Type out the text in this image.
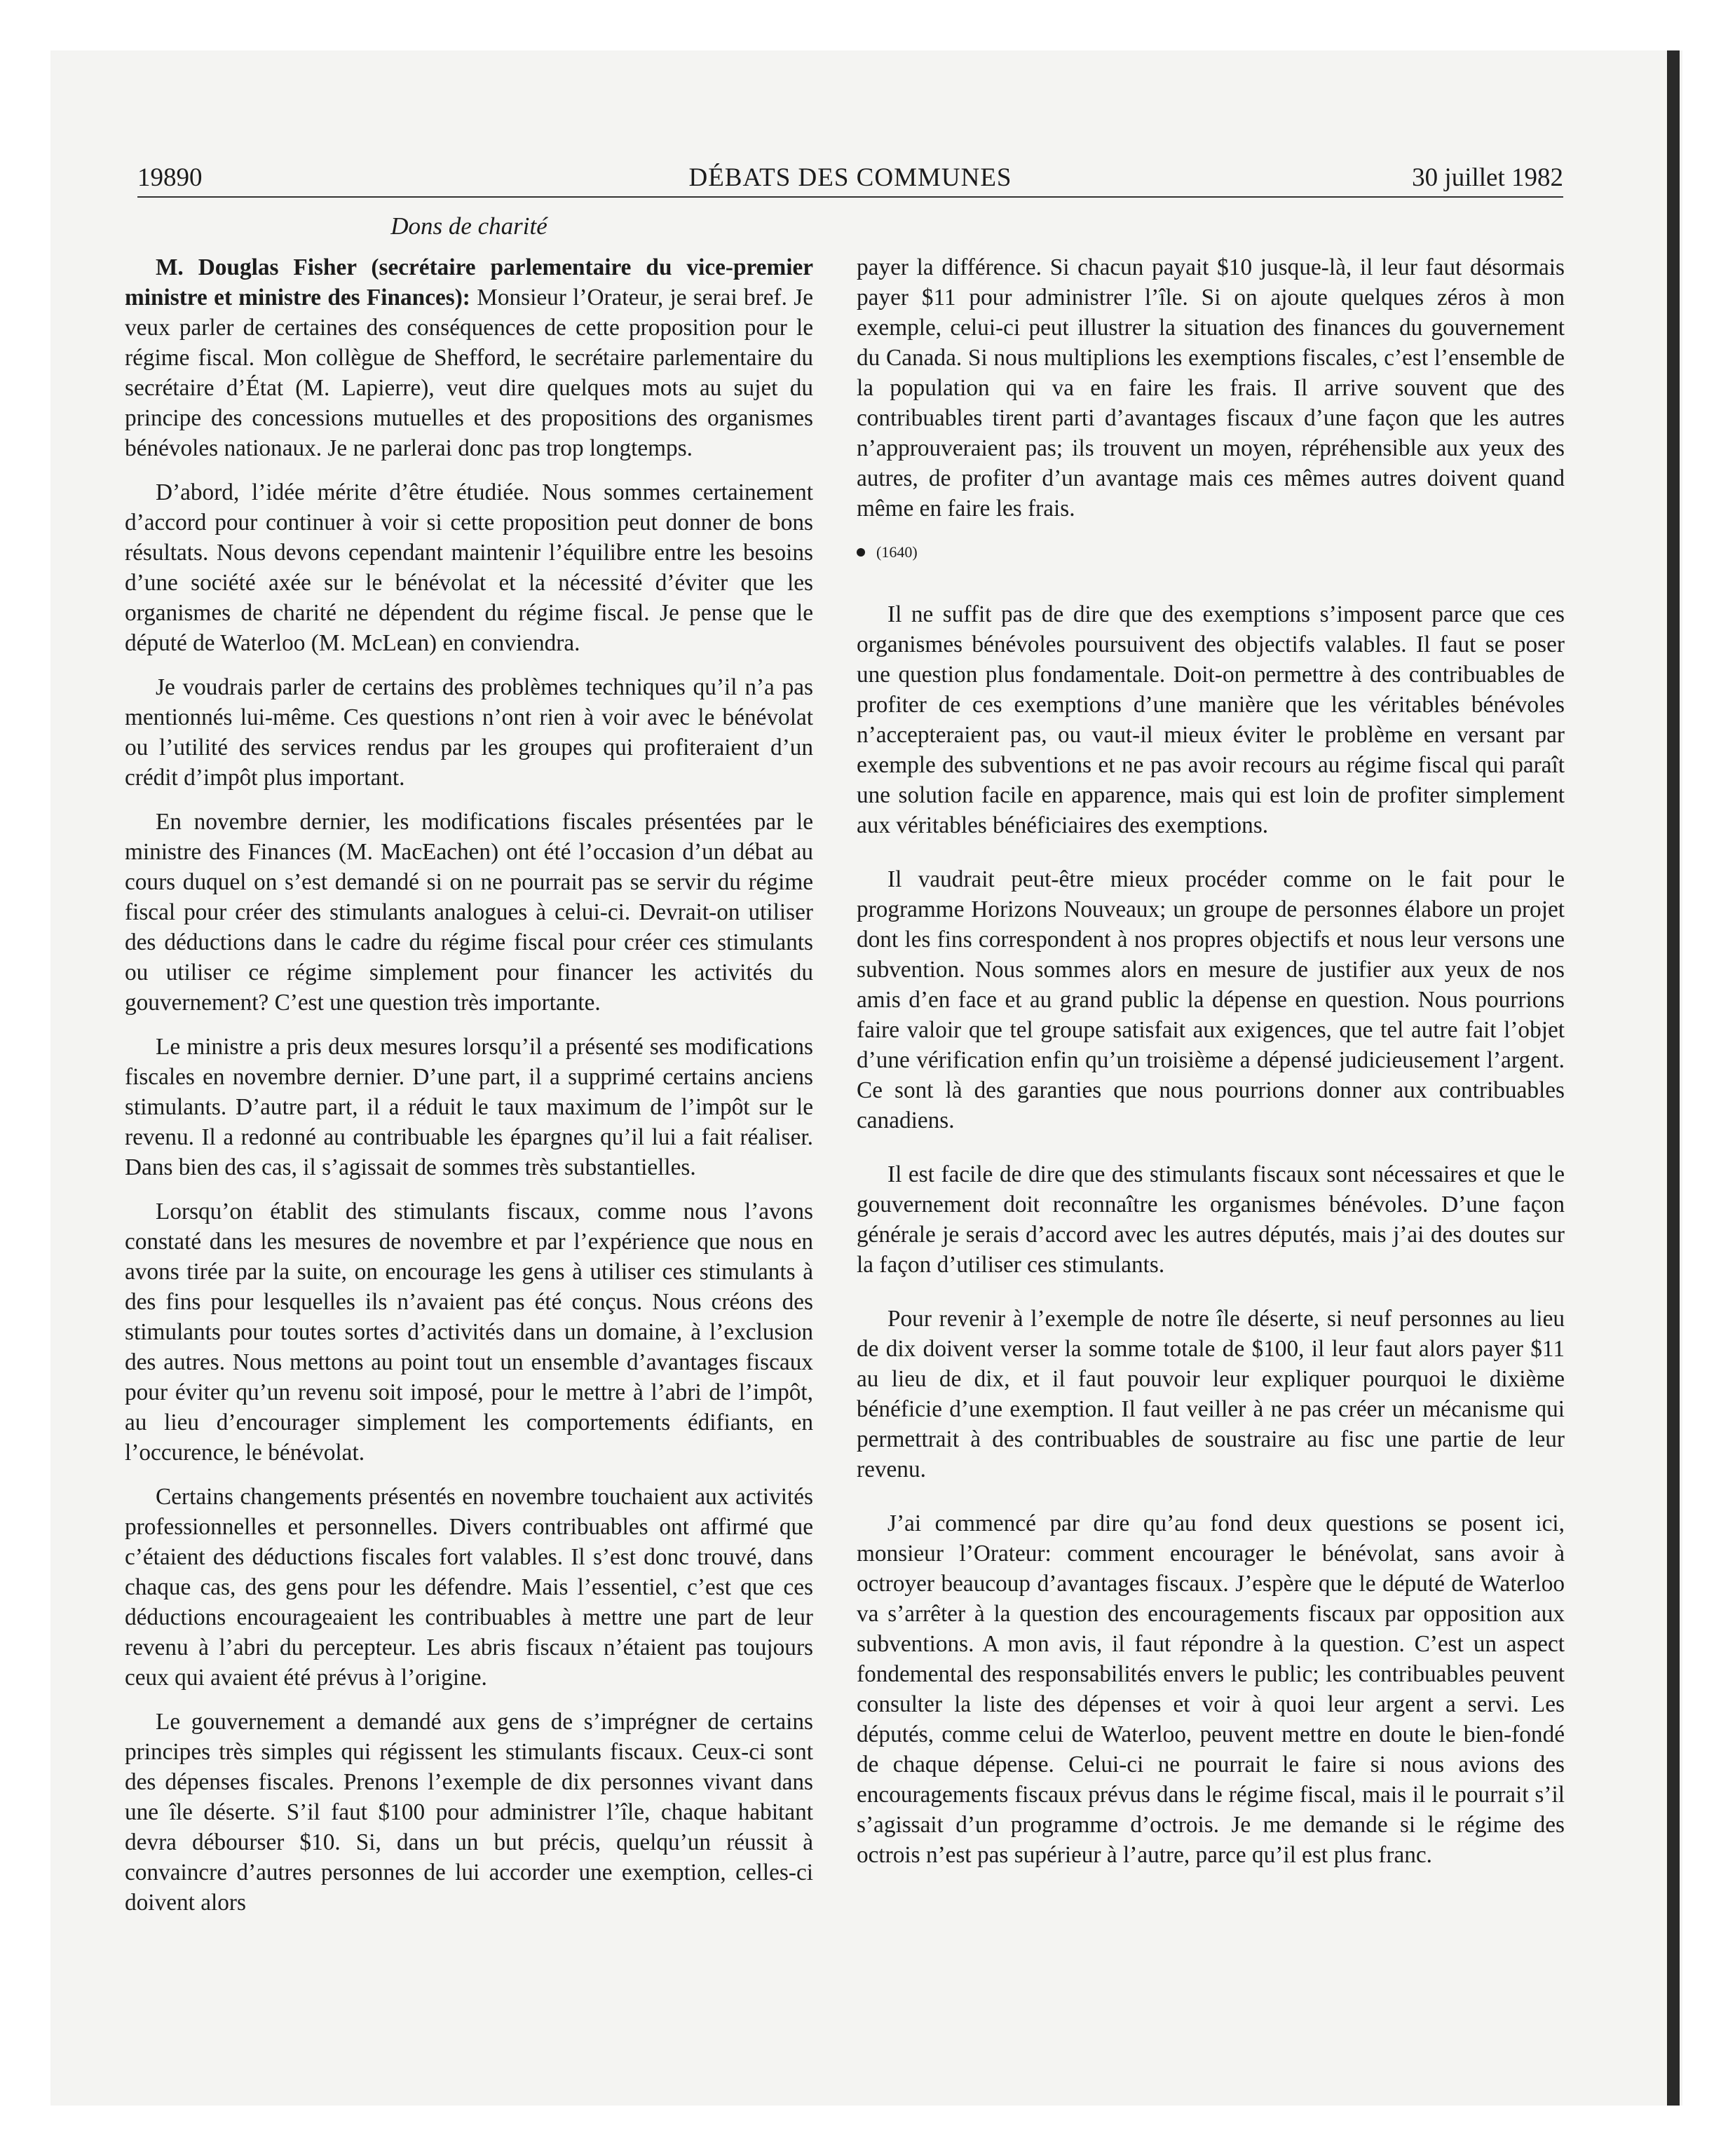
19890	DÉBATS DES COMMUNES	30 juillet 1982
Dons de charité

M. Douglas Fisher (secrétaire parlementaire du vice-premier ministre et ministre des Finances): Monsieur l’Orateur, je serai bref. Je veux parler de certaines des conséquences de cette proposition pour le régime fiscal. Mon collègue de Shefford, le secrétaire parlementaire du secrétaire d’État (M. Lapierre), veut dire quelques mots au sujet du principe des concessions mutuelles et des propositions des organismes bénévoles nationaux. Je ne parlerai donc pas trop longtemps.

D’abord, l’idée mérite d’être étudiée. Nous sommes certainement d’accord pour continuer à voir si cette proposition peut donner de bons résultats. Nous devons cependant maintenir l’équilibre entre les besoins d’une société axée sur le bénévolat et la nécessité d’éviter que les organismes de charité ne dépendent du régime fiscal. Je pense que le député de Waterloo (M. McLean) en conviendra.

Je voudrais parler de certains des problèmes techniques qu’il n’a pas mentionnés lui-même. Ces questions n’ont rien à voir avec le bénévolat ou l’utilité des services rendus par les groupes qui profiteraient d’un crédit d’impôt plus important.

En novembre dernier, les modifications fiscales présentées par le ministre des Finances (M. MacEachen) ont été l’occasion d’un débat au cours duquel on s’est demandé si on ne pourrait pas se servir du régime fiscal pour créer des stimulants analogues à celui-ci. Devrait-on utiliser des déductions dans le cadre du régime fiscal pour créer ces stimulants ou utiliser ce régime simplement pour financer les activités du gouvernement? C’est une question très importante.

Le ministre a pris deux mesures lorsqu’il a présenté ses modifications fiscales en novembre dernier. D’une part, il a supprimé certains anciens stimulants. D’autre part, il a réduit le taux maximum de l’impôt sur le revenu. Il a redonné au contribuable les épargnes qu’il lui a fait réaliser. Dans bien des cas, il s’agissait de sommes très substantielles.

Lorsqu’on établit des stimulants fiscaux, comme nous l’avons constaté dans les mesures de novembre et par l’expérience que nous en avons tirée par la suite, on encourage les gens à utiliser ces stimulants à des fins pour lesquelles ils n’avaient pas été conçus. Nous créons des stimulants pour toutes sortes d’activités dans un domaine, à l’exclusion des autres. Nous mettons au point tout un ensemble d’avantages fiscaux pour éviter qu’un revenu soit imposé, pour le mettre à l’abri de l’impôt, au lieu d’encourager simplement les comportements édifiants, en l’occurence, le bénévolat.

Certains changements présentés en novembre touchaient aux activités professionnelles et personnelles. Divers contribuables ont affirmé que c’étaient des déductions fiscales fort valables. Il s’est donc trouvé, dans chaque cas, des gens pour les défendre. Mais l’essentiel, c’est que ces déductions encourageaient les contribuables à mettre une part de leur revenu à l’abri du percepteur. Les abris fiscaux n’étaient pas toujours ceux qui avaient été prévus à l’origine.

Le gouvernement a demandé aux gens de s’imprégner de certains principes très simples qui régissent les stimulants fiscaux. Ceux-ci sont des dépenses fiscales. Prenons l’exemple de dix personnes vivant dans une île déserte. S’il faut $100 pour administrer l’île, chaque habitant devra débourser $10. Si, dans un but précis, quelqu’un réussit à convaincre d’autres personnes de lui accorder une exemption, celles-ci doivent alors

payer la différence. Si chacun payait $10 jusque-là, il leur faut désormais payer $11 pour administrer l’île. Si on ajoute quelques zéros à mon exemple, celui-ci peut illustrer la situation des finances du gouvernement du Canada. Si nous multiplions les exemptions fiscales, c’est l’ensemble de la population qui va en faire les frais. Il arrive souvent que des contribuables tirent parti d’avantages fiscaux d’une façon que les autres n’approuveraient pas; ils trouvent un moyen, répréhensible aux yeux des autres, de profiter d’un avantage mais ces mêmes autres doivent quand même en faire les frais.

(1640)

Il ne suffit pas de dire que des exemptions s’imposent parce que ces organismes bénévoles poursuivent des objectifs valables. Il faut se poser une question plus fondamentale. Doit-on permettre à des contribuables de profiter de ces exemptions d’une manière que les véritables bénévoles n’accepteraient pas, ou vaut-il mieux éviter le problème en versant par exemple des subventions et ne pas avoir recours au régime fiscal qui paraît une solution facile en apparence, mais qui est loin de profiter simplement aux véritables bénéficiaires des exemptions.

Il vaudrait peut-être mieux procéder comme on le fait pour le programme Horizons Nouveaux; un groupe de personnes élabore un projet dont les fins correspondent à nos propres objectifs et nous leur versons une subvention. Nous sommes alors en mesure de justifier aux yeux de nos amis d’en face et au grand public la dépense en question. Nous pourrions faire valoir que tel groupe satisfait aux exigences, que tel autre fait l’objet d’une vérification enfin qu’un troisième a dépensé judicieusement l’argent. Ce sont là des garanties que nous pourrions donner aux contribuables canadiens.

Il est facile de dire que des stimulants fiscaux sont nécessaires et que le gouvernement doit reconnaître les organismes bénévoles. D’une façon générale je serais d’accord avec les autres députés, mais j’ai des doutes sur la façon d’utiliser ces stimulants.

Pour revenir à l’exemple de notre île déserte, si neuf personnes au lieu de dix doivent verser la somme totale de $100, il leur faut alors payer $11 au lieu de dix, et il faut pouvoir leur expliquer pourquoi le dixième bénéficie d’une exemption. Il faut veiller à ne pas créer un mécanisme qui permettrait à des contribuables de soustraire au fisc une partie de leur revenu.

J’ai commencé par dire qu’au fond deux questions se posent ici, monsieur l’Orateur: comment encourager le bénévolat, sans avoir à octroyer beaucoup d’avantages fiscaux. J’espère que le député de Waterloo va s’arrêter à la question des encouragements fiscaux par opposition aux subventions. A mon avis, il faut répondre à la question. C’est un aspect fondemental des responsabilités envers le public; les contribuables peuvent consulter la liste des dépenses et voir à quoi leur argent a servi. Les députés, comme celui de Waterloo, peuvent mettre en doute le bien-fondé de chaque dépense. Celui-ci ne pourrait le faire si nous avions des encouragements fiscaux prévus dans le régime fiscal, mais il le pourrait s’il s’agissait d’un programme d’octrois. Je me demande si le régime des octrois n’est pas supérieur à l’autre, parce qu’il est plus franc.
